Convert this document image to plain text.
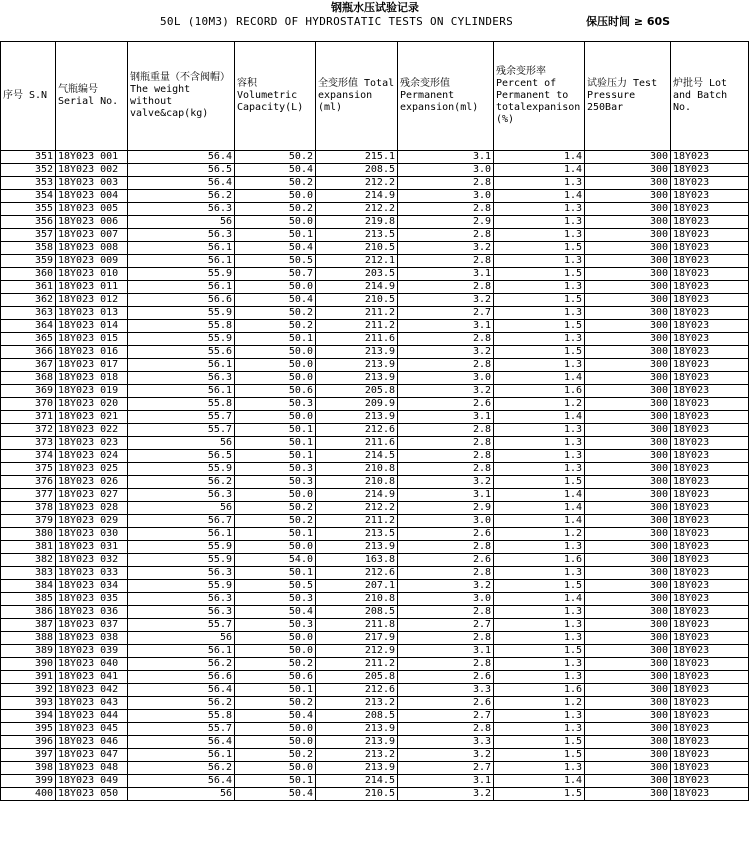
钢瓶水压试验记录
50L (10M3) RECORD OF HYDROSTATIC TESTS ON CYLINDERS	保压时间 ≥ 60S
序号 S.N	气瓶编号 Serial No.	钢瓶重量（不含阀帽）The weight without valve&cap(kg)	容积 Volumetric Capacity(L)	全变形值 Total expansion (ml)	残余变形值 Permanent expansion(ml)	残余变形率 Percent of Permanent to totalexpanison (%)	试验压力 Test Pressure 250Bar	炉批号 Lot and Batch No.
351	18Y023 001	56.4	50.2	215.1	3.1	1.4	300	18Y023
352	18Y023 002	56.5	50.4	208.5	3.0	1.4	300	18Y023
353	18Y023 003	56.4	50.2	212.2	2.8	1.3	300	18Y023
354	18Y023 004	56.2	50.0	214.9	3.0	1.4	300	18Y023
355	18Y023 005	56.3	50.2	212.2	2.8	1.3	300	18Y023
356	18Y023 006	56	50.0	219.8	2.9	1.3	300	18Y023
357	18Y023 007	56.3	50.1	213.5	2.8	1.3	300	18Y023
358	18Y023 008	56.1	50.4	210.5	3.2	1.5	300	18Y023
359	18Y023 009	56.1	50.5	212.1	2.8	1.3	300	18Y023
360	18Y023 010	55.9	50.7	203.5	3.1	1.5	300	18Y023
361	18Y023 011	56.1	50.0	214.9	2.8	1.3	300	18Y023
362	18Y023 012	56.6	50.4	210.5	3.2	1.5	300	18Y023
363	18Y023 013	55.9	50.2	211.2	2.7	1.3	300	18Y023
364	18Y023 014	55.8	50.2	211.2	3.1	1.5	300	18Y023
365	18Y023 015	55.9	50.1	211.6	2.8	1.3	300	18Y023
366	18Y023 016	55.6	50.0	213.9	3.2	1.5	300	18Y023
367	18Y023 017	56.1	50.0	213.9	2.8	1.3	300	18Y023
368	18Y023 018	56.3	50.0	213.9	3.0	1.4	300	18Y023
369	18Y023 019	56.1	50.6	205.8	3.2	1.6	300	18Y023
370	18Y023 020	55.8	50.3	209.9	2.6	1.2	300	18Y023
371	18Y023 021	55.7	50.0	213.9	3.1	1.4	300	18Y023
372	18Y023 022	55.7	50.1	212.6	2.8	1.3	300	18Y023
373	18Y023 023	56	50.1	211.6	2.8	1.3	300	18Y023
374	18Y023 024	56.5	50.1	214.5	2.8	1.3	300	18Y023
375	18Y023 025	55.9	50.3	210.8	2.8	1.3	300	18Y023
376	18Y023 026	56.2	50.3	210.8	3.2	1.5	300	18Y023
377	18Y023 027	56.3	50.0	214.9	3.1	1.4	300	18Y023
378	18Y023 028	56	50.2	212.2	2.9	1.4	300	18Y023
379	18Y023 029	56.7	50.2	211.2	3.0	1.4	300	18Y023
380	18Y023 030	56.1	50.1	213.5	2.6	1.2	300	18Y023
381	18Y023 031	55.9	50.0	213.9	2.8	1.3	300	18Y023
382	18Y023 032	55.9	54.0	163.8	2.6	1.6	300	18Y023
383	18Y023 033	56.3	50.1	212.6	2.8	1.3	300	18Y023
384	18Y023 034	55.9	50.5	207.1	3.2	1.5	300	18Y023
385	18Y023 035	56.3	50.3	210.8	3.0	1.4	300	18Y023
386	18Y023 036	56.3	50.4	208.5	2.8	1.3	300	18Y023
387	18Y023 037	55.7	50.3	211.8	2.7	1.3	300	18Y023
388	18Y023 038	56	50.0	217.9	2.8	1.3	300	18Y023
389	18Y023 039	56.1	50.0	212.9	3.1	1.5	300	18Y023
390	18Y023 040	56.2	50.2	211.2	2.8	1.3	300	18Y023
391	18Y023 041	56.6	50.6	205.8	2.6	1.3	300	18Y023
392	18Y023 042	56.4	50.1	212.6	3.3	1.6	300	18Y023
393	18Y023 043	56.2	50.2	213.2	2.6	1.2	300	18Y023
394	18Y023 044	55.8	50.4	208.5	2.7	1.3	300	18Y023
395	18Y023 045	55.7	50.0	213.9	2.8	1.3	300	18Y023
396	18Y023 046	56.4	50.0	213.9	3.3	1.5	300	18Y023
397	18Y023 047	56.1	50.2	213.2	3.2	1.5	300	18Y023
398	18Y023 048	56.2	50.0	213.9	2.7	1.3	300	18Y023
399	18Y023 049	56.4	50.1	214.5	3.1	1.4	300	18Y023
400	18Y023 050	56	50.4	210.5	3.2	1.5	300	18Y023
